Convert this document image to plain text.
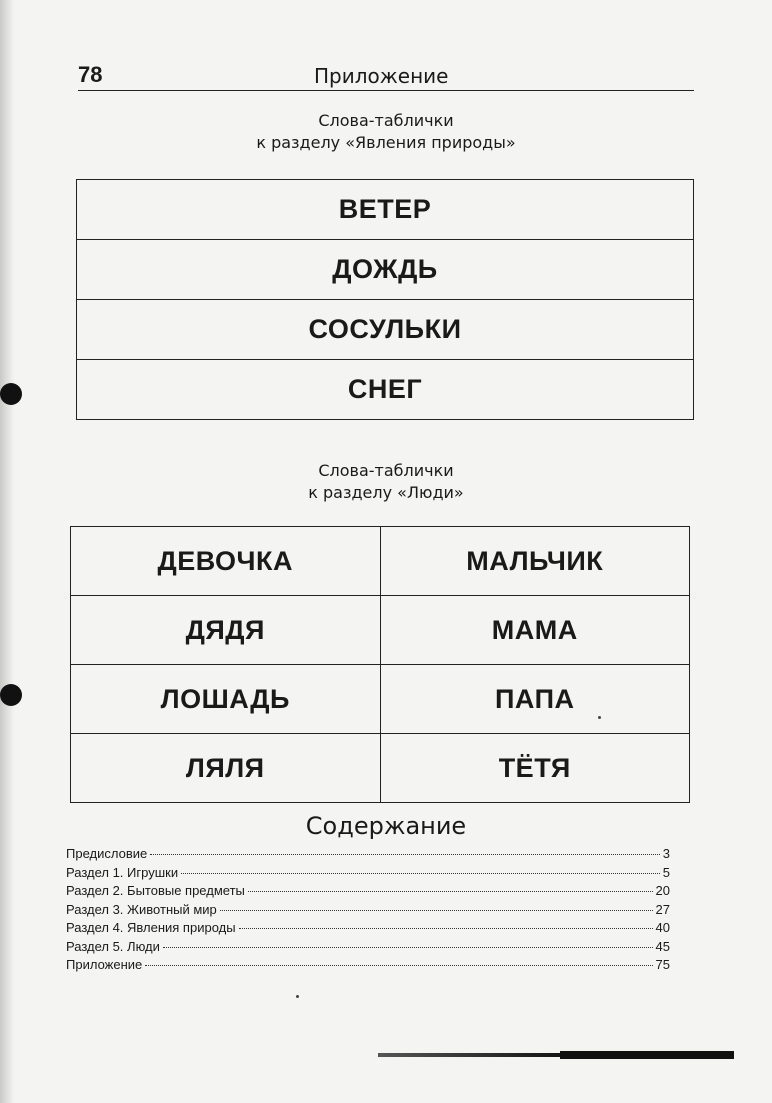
78	Приложение
Слова-таблички
к разделу «Явления природы»
ВЕТЕР
ДОЖДЬ
СОСУЛЬКИ
СНЕГ
Слова-таблички
к разделу «Люди»
ДЕВОЧКА	МАЛЬЧИК
ДЯДЯ	МАМА
ЛОШАДЬ	ПАПА
ЛЯЛЯ	ТЁТЯ
Содержание
Предисловие	3
Раздел 1. Игрушки	5
Раздел 2. Бытовые предметы	20
Раздел 3. Животный мир	27
Раздел 4. Явления природы	40
Раздел 5. Люди	45
Приложение	75
